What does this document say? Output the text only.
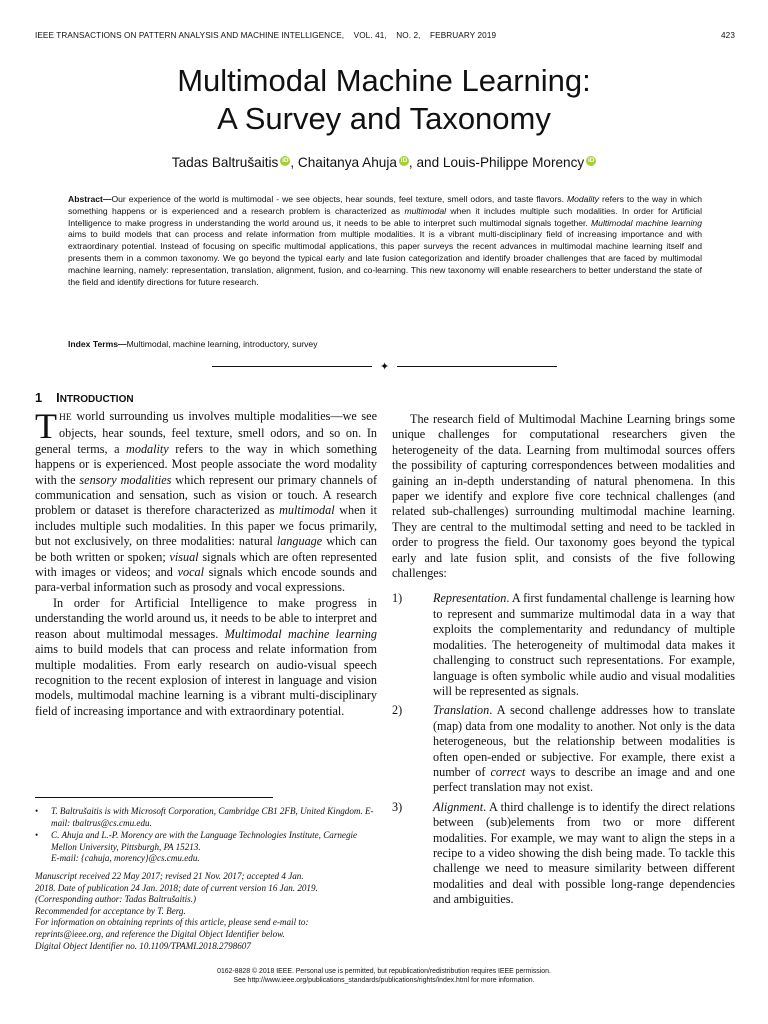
IEEE TRANSACTIONS ON PATTERN ANALYSIS AND MACHINE INTELLIGENCE, VOL. 41, NO. 2, FEBRUARY 2019	423
Multimodal Machine Learning:
A Survey and Taxonomy
Tadas Baltrušaitis iD , Chaitanya Ahuja iD , and Louis-Philippe Morency iD
Abstract—Our experience of the world is multimodal - we see objects, hear sounds, feel texture, smell odors, and taste flavors. Modality refers to the way in which something happens or is experienced and a research problem is characterized as multimodal when it includes multiple such modalities. In order for Artificial Intelligence to make progress in understanding the world around us, it needs to be able to interpret such multimodal signals together. Multimodal machine learning aims to build models that can process and relate information from multiple modalities. It is a vibrant multi-disciplinary field of increasing importance and with extraordinary potential. Instead of focusing on specific multimodal applications, this paper surveys the recent advances in multimodal machine learning itself and presents them in a common taxonomy. We go beyond the typical early and late fusion categorization and identify broader challenges that are faced by multimodal machine learning, namely: representation, translation, alignment, fusion, and co-learning. This new taxonomy will enable researchers to better understand the state of the field and identify directions for future research.
Index Terms—Multimodal, machine learning, introductory, survey
✦
1 INTRODUCTION

THE world surrounding us involves multiple modalities—we see objects, hear sounds, feel texture, smell odors, and so on. In general terms, a modality refers to the way in which something happens or is experienced. Most people associate the word modality with the sensory modalities which represent our primary channels of communication and sensation, such as vision or touch. A research problem or dataset is therefore characterized as multimodal when it includes multiple such modalities. In this paper we focus primarily, but not exclusively, on three modalities: natural language which can be both written or spoken; visual signals which are often represented with images or videos; and vocal signals which encode sounds and para-verbal information such as prosody and vocal expressions.

In order for Artificial Intelligence to make progress in understanding the world around us, it needs to be able to interpret and reason about multimodal messages. Multimodal machine learning aims to build models that can process and relate information from multiple modalities. From early research on audio-visual speech recognition to the recent explosion of interest in language and vision models, multimodal machine learning is a vibrant multi-disciplinary field of increasing importance and with extraordinary potential.

The research field of Multimodal Machine Learning brings some unique challenges for computational researchers given the heterogeneity of the data. Learning from multimodal sources offers the possibility of capturing correspondences between modalities and gaining an in-depth understanding of natural phenomena. In this paper we identify and explore five core technical challenges (and related sub-challenges) surrounding multimodal machine learning. They are central to the multimodal setting and need to be tackled in order to progress the field. Our taxonomy goes beyond the typical early and late fusion split, and consists of the five following challenges:

1)	Representation. A first fundamental challenge is learning how to represent and summarize multimodal data in a way that exploits the complementarity and redundancy of multiple modalities. The heterogeneity of multimodal data makes it challenging to construct such representations. For example, language is often symbolic while audio and visual modalities will be represented as signals.
2)	Translation. A second challenge addresses how to translate (map) data from one modality to another. Not only is the data heterogeneous, but the relationship between modalities is often open-ended or subjective. For example, there exist a number of correct ways to describe an image and and one perfect translation may not exist.
3)	Alignment. A third challenge is to identify the direct relations between (sub)elements from two or more different modalities. For example, we may want to align the steps in a recipe to a video showing the dish being made. To tackle this challenge we need to measure similarity between different modalities and deal with possible long-range dependencies and ambiguities.
• T. Baltrušaitis is with Microsoft Corporation, Cambridge CB1 2FB, United Kingdom. E-mail: tbaltrus@cs.cmu.edu.
• C. Ahuja and L.-P. Morency are with the Language Technologies Institute, Carnegie Mellon University, Pittsburgh, PA 15213.
E-mail: {cahuja, morency}@cs.cmu.edu.
Manuscript received 22 May 2017; revised 21 Nov. 2017; accepted 4 Jan.
2018. Date of publication 24 Jan. 2018; date of current version 16 Jan. 2019.
(Corresponding author: Tadas Baltrušaitis.)
Recommended for acceptance by T. Berg.
For information on obtaining reprints of this article, please send e-mail to:
reprints@ieee.org, and reference the Digital Object Identifier below.
Digital Object Identifier no. 10.1109/TPAMI.2018.2798607
0162-8828 © 2018 IEEE. Personal use is permitted, but republication/redistribution requires IEEE permission.
See http://www.ieee.org/publications_standards/publications/rights/index.html for more information.
